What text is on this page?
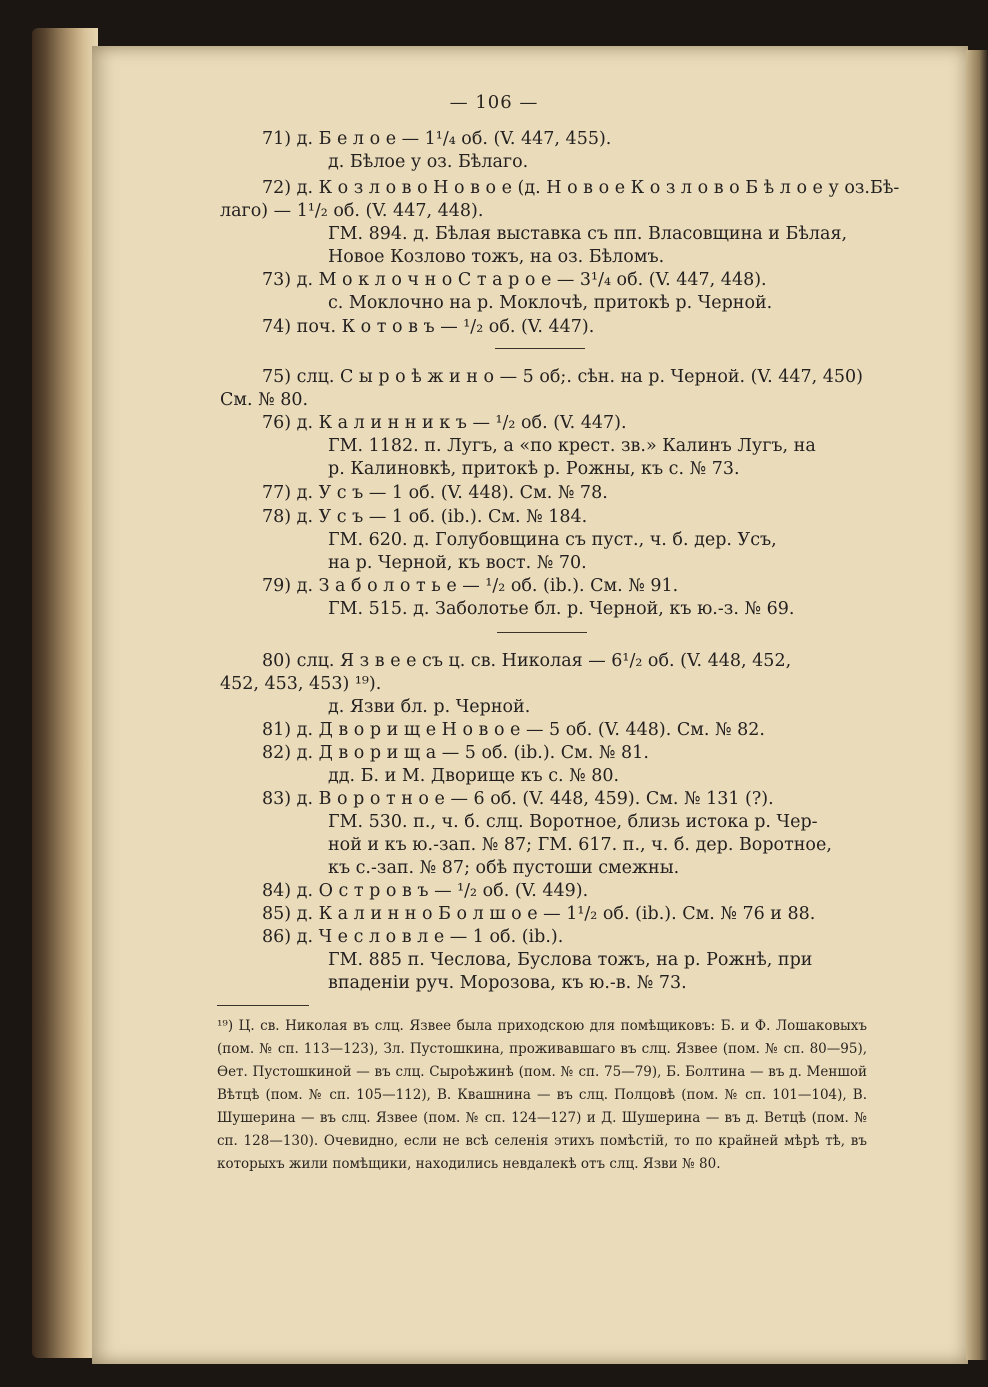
— 106 —
71) д. Б е л о е — 1¹/₄ об. (V. 447, 455).
д. Бѣлое у оз. Бѣлаго.
72) д. К о з л о в о Н о в о е (д. Н о в о е К о з л о в о Б ѣ л о е у оз.Бѣ-
лаго) — 1¹/₂ об. (V. 447, 448).
ГМ. 894. д. Бѣлая выставка съ пп. Власовщина и Бѣлая,
Новое Козлово тожъ, на оз. Бѣломъ.
73) д. М о к л о ч н о С т а р о е — 3¹/₄ об. (V. 447, 448).
с. Моклочно на р. Моклочѣ, притокѣ р. Черной.
74) поч. К о т о в ъ — ¹/₂ об. (V. 447).
75) слц. С ы р о ѣ ж и н о — 5 об;. сѣн. на р. Черной. (V. 447, 450)
См. № 80.
76) д. К а л и н н и к ъ — ¹/₂ об. (V. 447).
ГМ. 1182. п. Лугъ, а «по крест. зв.» Калинъ Лугъ, на
р. Калиновкѣ, притокѣ р. Рожны, къ с. № 73.
77) д. У с ъ — 1 об. (V. 448). См. № 78.
78) д. У с ъ — 1 об. (ib.). См. № 184.
ГМ. 620. д. Голубовщина съ пуст., ч. б. дер. Усъ,
на р. Черной, къ вост. № 70.
79) д. З а б о л о т ь е — ¹/₂ об. (ib.). См. № 91.
ГМ. 515. д. Заболотье бл. р. Черной, къ ю.-з. № 69.
80) слц. Я з в е е съ ц. св. Николая — 6¹/₂ об. (V. 448, 452,
452, 453, 453) ¹⁹).
д. Язви бл. р. Черной.
81) д. Д в о р и щ е Н о в о е — 5 об. (V. 448). См. № 82.
82) д. Д в о р и щ а — 5 об. (ib.). См. № 81.
дд. Б. и М. Дворище къ с. № 80.
83) д. В о р о т н о е — 6 об. (V. 448, 459). См. № 131 (?).
ГМ. 530. п., ч. б. слц. Воротное, близь истока р. Чер-
ной и къ ю.-зап. № 87; ГМ. 617. п., ч. б. дер. Воротное,
къ с.-зап. № 87; обѣ пустоши смежны.
84) д. О с т р о в ъ — ¹/₂ об. (V. 449).
85) д. К а л и н н о Б о л ш о е — 1¹/₂ об. (ib.). См. № 76 и 88.
86) д. Ч е с л о в л е — 1 об. (ib.).
ГМ. 885 п. Чеслова, Буслова тожъ, на р. Рожнѣ, при
впаденіи руч. Морозова, къ ю.-в. № 73.
¹⁹) Ц. св. Николая въ слц. Язвее была приходскою для помѣщиковъ: Б. и Ф. Лошаковыхъ (пом. № сп. 113—123), Зл. Пустошкина, проживавшаго въ слц. Язвее (пом. № сп. 80—95), Ѳет. Пустошкиной — въ слц. Сыроѣжинѣ (пом. № сп. 75—79), Б. Болтина — въ д. Меншой Вѣтцѣ (пом. № сп. 105—112), В. Квашнина — въ слц. Полцовѣ (пом. № сп. 101—104), В. Шушерина — въ слц. Язвее (пом. № сп. 124—127) и Д. Шушерина — въ д. Ветцѣ (пом. № сп. 128—130). Очевидно, если не всѣ селенія этихъ помѣстій, то по крайней мѣрѣ тѣ, въ которыхъ жили помѣщики, находились невдалекѣ отъ слц. Язви № 80.
